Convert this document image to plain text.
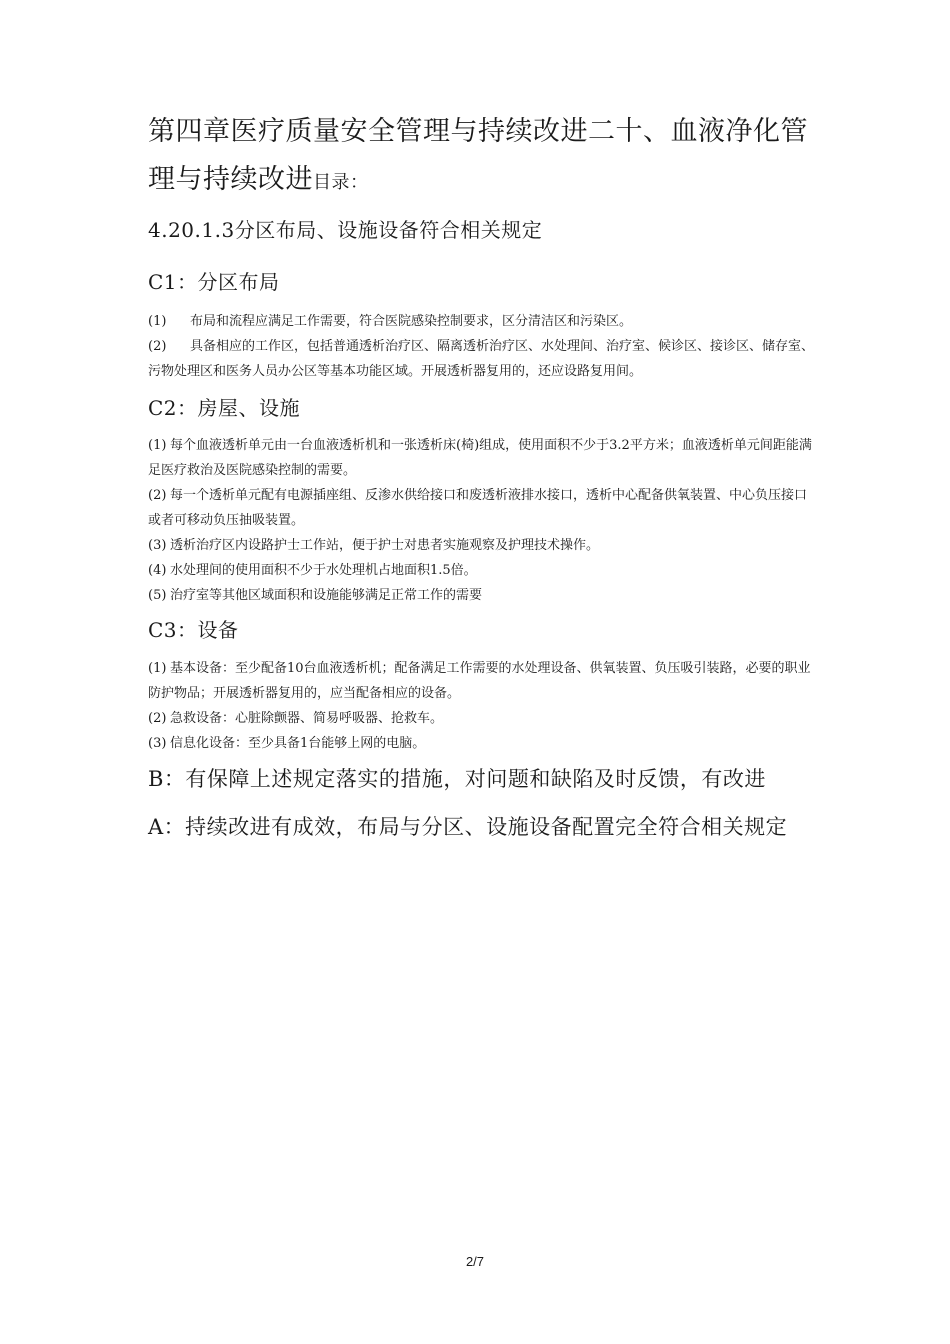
第四章医疗质量安全管理与持续改进二十、血液净化管理与持续改进目录：
4.20.1.3分区布局、设施设备符合相关规定
C1：分区布局
(1) 布局和流程应满足工作需要，符合医院感染控制要求，区分清洁区和污染区。
(2) 具备相应的工作区，包括普通透析治疗区、隔离透析治疗区、水处理间、治疗室、候诊区、接诊区、储存室、污物处理区和医务人员办公区等基本功能区域。开展透析器复用的，还应设路复用间。
C2：房屋、设施
(1) 每个血液透析单元由一台血液透析机和一张透析床(椅)组成，使用面积不少于3.2平方米；血液透析单元间距能满足医疗救治及医院感染控制的需要。
(2) 每一个透析单元配有电源插座组、反渗水供给接口和废透析液排水接口，透析中心配备供氧装置、中心负压接口或者可移动负压抽吸装置。
(3) 透析治疗区内设路护士工作站，便于护士对患者实施观察及护理技术操作。
(4) 水处理间的使用面积不少于水处理机占地面积1.5倍。
(5) 治疗室等其他区域面积和设施能够满足正常工作的需要
C3：设备
(1) 基本设备：至少配备10台血液透析机；配备满足工作需要的水处理设备、供氧装置、负压吸引装路，必要的职业防护物品；开展透析器复用的，应当配备相应的设备。
(2) 急救设备：心脏除颤器、简易呼吸器、抢救车。
(3) 信息化设备：至少具备1台能够上网的电脑。
B：有保障上述规定落实的措施，对问题和缺陷及时反馈，有改进
A：持续改进有成效，布局与分区、设施设备配置完全符合相关规定
2/7
